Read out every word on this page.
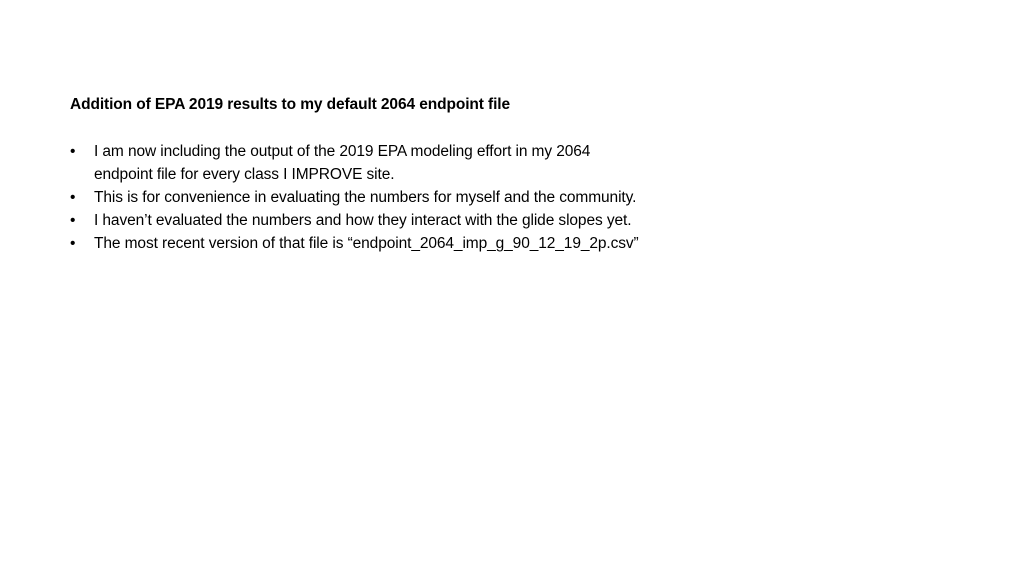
Addition of EPA 2019 results to my default 2064 endpoint file
•	I am now including the output of the 2019 EPA modeling effort in my 2064
endpoint file for every class I IMPROVE site.
•	This is for convenience in evaluating the numbers for myself and the community.
•	I haven’t evaluated the numbers and how they interact with the glide slopes yet.
•	The most recent version of that file is “endpoint_2064_imp_g_90_12_19_2p.csv”
